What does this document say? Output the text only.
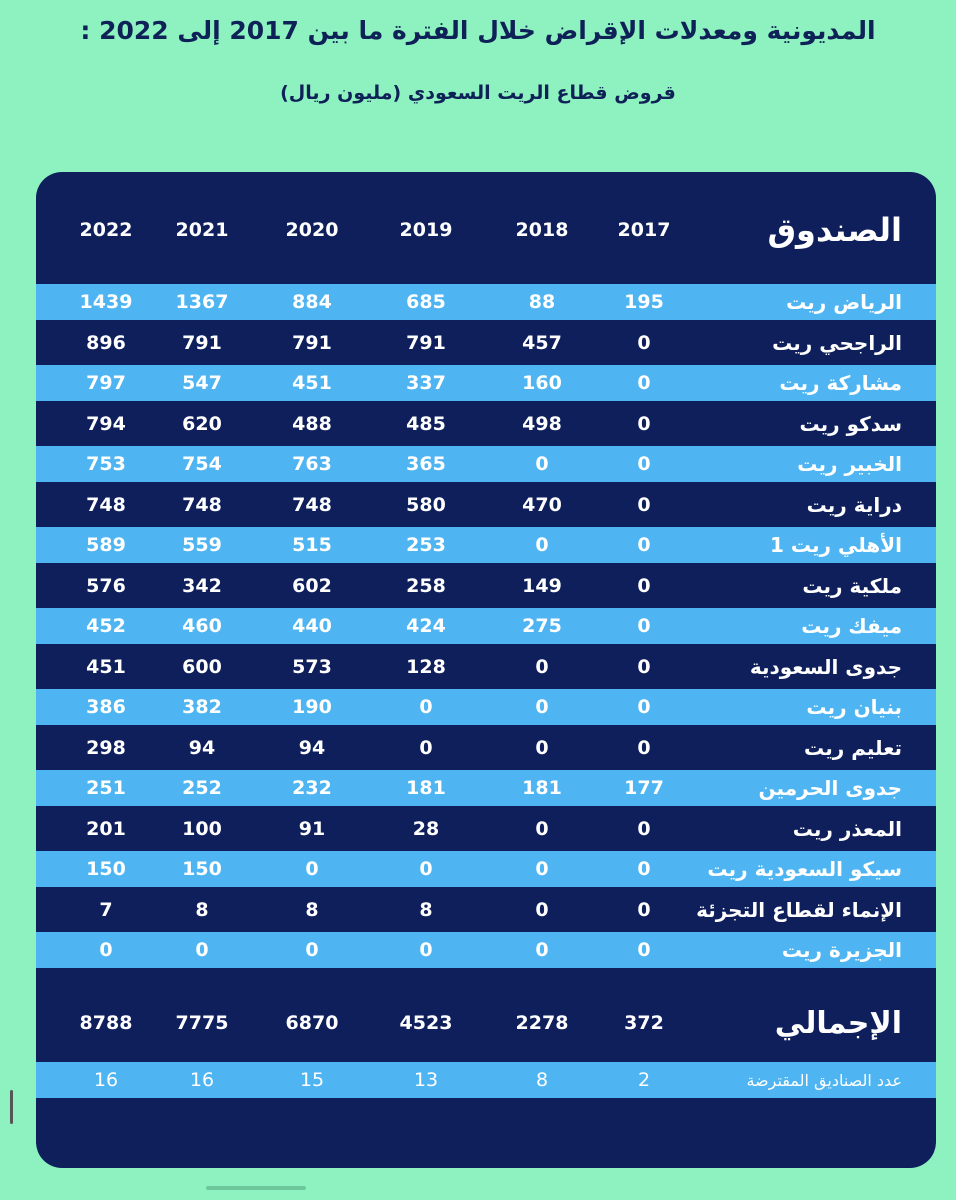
المديونية ومعدلات الإقراض خلال الفترة ما بين 2017 إلى 2022 :
قروض قطاع الريت السعودي (مليون ريال)
الصندوق
2017
2018
2019
2020
2021
2022
الرياض ريت
195
88
685
884
1367
1439
الراجحي ريت
0
457
791
791
791
896
مشاركة ريت
0
160
337
451
547
797
سدكو ريت
0
498
485
488
620
794
الخبير ريت
0
0
365
763
754
753
دراية ريت
0
470
580
748
748
748
الأهلي ريت 1
0
0
253
515
559
589
ملكية ريت
0
149
258
602
342
576
ميفك ريت
0
275
424
440
460
452
جدوى السعودية
0
0
128
573
600
451
بنيان ريت
0
0
0
190
382
386
تعليم ريت
0
0
0
94
94
298
جدوى الحرمين
177
181
181
232
252
251
المعذر ريت
0
0
28
91
100
201
سيكو السعودية ريت
0
0
0
0
150
150
الإنماء لقطاع التجزئة
0
0
8
8
8
7
الجزيرة ريت
0
0
0
0
0
0
الإجمالي
372
2278
4523
6870
7775
8788
عدد الصناديق المقترضة
2
8
13
15
16
16
